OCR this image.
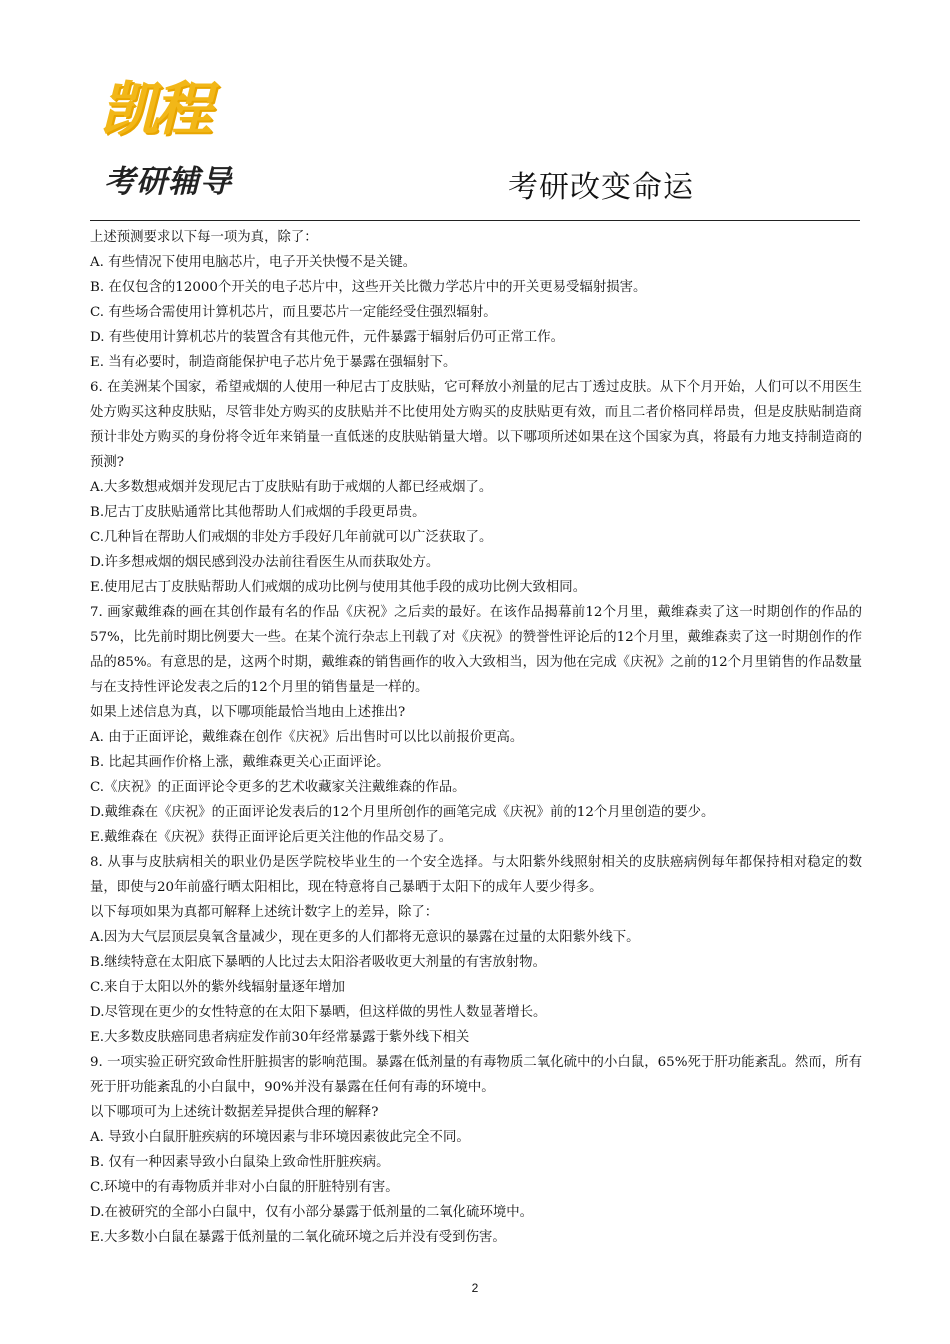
凯程
考研辅导	考研改变命运

上述预测要求以下每一项为真，除了：

A. 有些情况下使用电脑芯片，电子开关快慢不是关键。

B. 在仅包含的12000个开关的电子芯片中，这些开关比微力学芯片中的开关更易受辐射损害。

C. 有些场合需使用计算机芯片，而且要芯片一定能经受住强烈辐射。

D. 有些使用计算机芯片的装置含有其他元件，元件暴露于辐射后仍可正常工作。

E. 当有必要时，制造商能保护电子芯片免于暴露在强辐射下。

6. 在美洲某个国家，希望戒烟的人使用一种尼古丁皮肤贴，它可释放小剂量的尼古丁透过皮肤。从下个月开始，人们可以不用医生处方购买这种皮肤贴，尽管非处方购买的皮肤贴并不比使用处方购买的皮肤贴更有效，而且二者价格同样昂贵，但是皮肤贴制造商预计非处方购买的身份将令近年来销量一直低迷的皮肤贴销量大增。以下哪项所述如果在这个国家为真，将最有力地支持制造商的预测?

A.大多数想戒烟并发现尼古丁皮肤贴有助于戒烟的人都已经戒烟了。

B.尼古丁皮肤贴通常比其他帮助人们戒烟的手段更昂贵。

C.几种旨在帮助人们戒烟的非处方手段好几年前就可以广泛获取了。

D.许多想戒烟的烟民感到没办法前往看医生从而获取处方。

E.使用尼古丁皮肤贴帮助人们戒烟的成功比例与使用其他手段的成功比例大致相同。

7. 画家戴维森的画在其创作最有名的作品《庆祝》之后卖的最好。在该作品揭幕前12个月里，戴维森卖了这一时期创作的作品的57%，比先前时期比例要大一些。在某个流行杂志上刊载了对《庆祝》的赞誉性评论后的12个月里，戴维森卖了这一时期创作的作品的85%。有意思的是，这两个时期，戴维森的销售画作的收入大致相当，因为他在完成《庆祝》之前的12个月里销售的作品数量与在支持性评论发表之后的12个月里的销售量是一样的。

如果上述信息为真，以下哪项能最恰当地由上述推出?

A. 由于正面评论，戴维森在创作《庆祝》后出售时可以比以前报价更高。

B. 比起其画作价格上涨，戴维森更关心正面评论。

C.《庆祝》的正面评论令更多的艺术收藏家关注戴维森的作品。

D.戴维森在《庆祝》的正面评论发表后的12个月里所创作的画笔完成《庆祝》前的12个月里创造的要少。

E.戴维森在《庆祝》获得正面评论后更关注他的作品交易了。

8. 从事与皮肤病相关的职业仍是医学院校毕业生的一个安全选择。与太阳紫外线照射相关的皮肤癌病例每年都保持相对稳定的数量，即使与20年前盛行晒太阳相比，现在特意将自己暴晒于太阳下的成年人要少得多。

以下每项如果为真都可解释上述统计数字上的差异，除了：

A.因为大气层顶层臭氧含量减少，现在更多的人们都将无意识的暴露在过量的太阳紫外线下。

B.继续特意在太阳底下暴晒的人比过去太阳浴者吸收更大剂量的有害放射物。

C.来自于太阳以外的紫外线辐射量逐年增加

D.尽管现在更少的女性特意的在太阳下暴晒，但这样做的男性人数显著增长。

E.大多数皮肤癌同患者病症发作前30年经常暴露于紫外线下相关

9. 一项实验正研究致命性肝脏损害的影响范围。暴露在低剂量的有毒物质二氧化硫中的小白鼠，65%死于肝功能紊乱。然而，所有死于肝功能紊乱的小白鼠中，90%并没有暴露在任何有毒的环境中。

以下哪项可为上述统计数据差异提供合理的解释?

A. 导致小白鼠肝脏疾病的环境因素与非环境因素彼此完全不同。

B. 仅有一种因素导致小白鼠染上致命性肝脏疾病。

C.环境中的有毒物质并非对小白鼠的肝脏特别有害。

D.在被研究的全部小白鼠中，仅有小部分暴露于低剂量的二氧化硫环境中。

E.大多数小白鼠在暴露于低剂量的二氧化硫环境之后并没有受到伤害。

2
